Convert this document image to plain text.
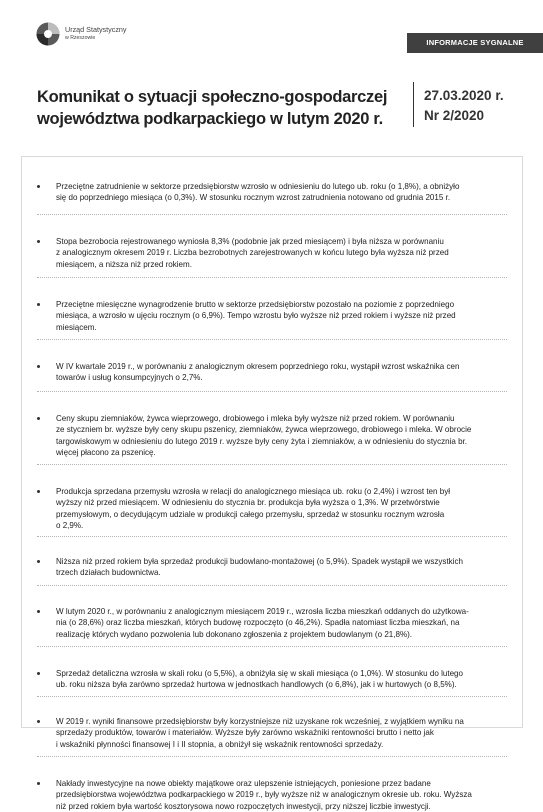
Urząd Statystyczny
w Rzeszowie	INFORMACJE SYGNALNE
Komunikat o sytuacji społeczno-gospodarczej
województwa podkarpackiego w lutym 2020 r.
27.03.2020 r.
Nr 2/2020
Przeciętne zatrudnienie w sektorze przedsiębiorstw wzrosło w odniesieniu do lutego ub. roku (o 1,8%), a obniżyło
się do poprzedniego miesiąca (o 0,3%). W stosunku rocznym wzrost zatrudnienia notowano od grudnia 2015 r.
Stopa bezrobocia rejestrowanego wyniosła 8,3% (podobnie jak przed miesiącem) i była niższa w porównaniu
z analogicznym okresem 2019 r. Liczba bezrobotnych zarejestrowanych w końcu lutego była wyższa niż przed
miesiącem, a niższa niż przed rokiem.
Przeciętne miesięczne wynagrodzenie brutto w sektorze przedsiębiorstw pozostało na poziomie z poprzedniego
miesiąca, a wzrosło w ujęciu rocznym (o 6,9%). Tempo wzrostu było wyższe niż przed rokiem i wyższe niż przed
miesiącem.
W IV kwartale 2019 r., w porównaniu z analogicznym okresem poprzedniego roku, wystąpił wzrost wskaźnika cen
towarów i usług konsumpcyjnych o 2,7%.
Ceny skupu ziemniaków, żywca wieprzowego, drobiowego i mleka były wyższe niż przed rokiem. W porównaniu
ze styczniem br. wyższe były ceny skupu pszenicy, ziemniaków, żywca wieprzowego, drobiowego i mleka. W obrocie
targowiskowym w odniesieniu do lutego 2019 r. wyższe były ceny żyta i ziemniaków, a w odniesieniu do stycznia br.
więcej płacono za pszenicę.
Produkcja sprzedana przemysłu wzrosła w relacji do analogicznego miesiąca ub. roku (o 2,4%) i wzrost ten był
wyższy niż przed miesiącem. W odniesieniu do stycznia br. produkcja była wyższa o 1,3%. W przetwórstwie
przemysłowym, o decydującym udziale w produkcji całego przemysłu, sprzedaż w stosunku rocznym wzrosła
o 2,9%.
Niższa niż przed rokiem była sprzedaż produkcji budowlano-montażowej (o 5,9%). Spadek wystąpił we wszystkich
trzech działach budownictwa.
W lutym 2020 r., w porównaniu z analogicznym miesiącem 2019 r., wzrosła liczba mieszkań oddanych do użytkowa-
nia (o 28,6%) oraz liczba mieszkań, których budowę rozpoczęto (o 46,2%). Spadła natomiast liczba mieszkań, na
realizację których wydano pozwolenia lub dokonano zgłoszenia z projektem budowlanym (o 21,8%).
Sprzedaż detaliczna wzrosła w skali roku (o 5,5%), a obniżyła się w skali miesiąca (o 1,0%). W stosunku do lutego
ub. roku niższa była zarówno sprzedaż hurtowa w jednostkach handlowych (o 6,8%), jak i w hurtowych (o 8,5%).
W 2019 r. wyniki finansowe przedsiębiorstw były korzystniejsze niż uzyskane rok wcześniej, z wyjątkiem wyniku na
sprzedaży produktów, towarów i materiałów. Wyższe były zarówno wskaźniki rentowności brutto i netto jak
i wskaźniki płynności finansowej I i II stopnia, a obniżył się wskaźnik rentowności sprzedaży.
Nakłady inwestycyjne na nowe obiekty majątkowe oraz ulepszenie istniejących, poniesione przez badane
przedsiębiorstwa województwa podkarpackiego w 2019 r., były wyższe niż w analogicznym okresie ub. roku. Wyższa
niż przed rokiem była wartość kosztorysowa nowo rozpoczętych inwestycji, przy niższej liczbie inwestycji.
